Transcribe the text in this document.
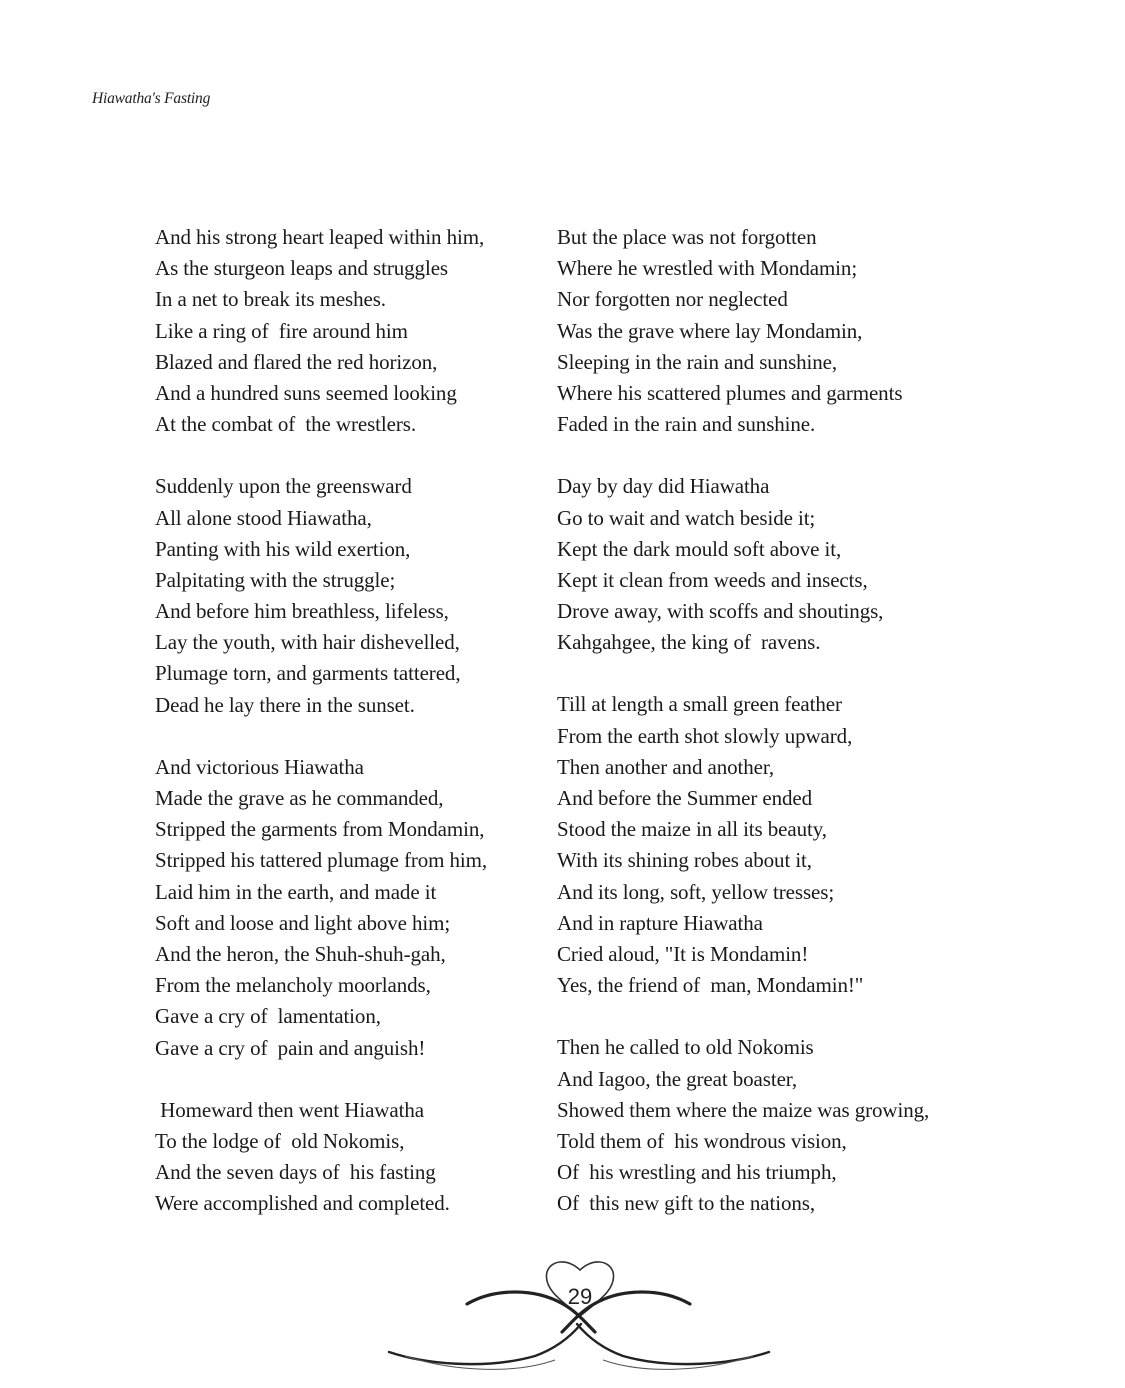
Hiawatha's Fasting
And his strong heart leaped within him,
As the sturgeon leaps and struggles
In a net to break its meshes.
Like a ring of  fire around him
Blazed and flared the red horizon,
And a hundred suns seemed looking
At the combat of  the wrestlers.
Suddenly upon the greensward
All alone stood Hiawatha,
Panting with his wild exertion,
Palpitating with the struggle;
And before him breathless, lifeless,
Lay the youth, with hair dishevelled,
Plumage torn, and garments tattered,
Dead he lay there in the sunset.
And victorious Hiawatha
Made the grave as he commanded,
Stripped the garments from Mondamin,
Stripped his tattered plumage from him,
Laid him in the earth, and made it
Soft and loose and light above him;
And the heron, the Shuh-shuh-gah,
From the melancholy moorlands,
Gave a cry of  lamentation,
Gave a cry of  pain and anguish!
Homeward then went Hiawatha
To the lodge of  old Nokomis,
And the seven days of  his fasting
Were accomplished and completed.
But the place was not forgotten
Where he wrestled with Mondamin;
Nor forgotten nor neglected
Was the grave where lay Mondamin,
Sleeping in the rain and sunshine,
Where his scattered plumes and garments
Faded in the rain and sunshine.
Day by day did Hiawatha
Go to wait and watch beside it;
Kept the dark mould soft above it,
Kept it clean from weeds and insects,
Drove away, with scoffs and shoutings,
Kahgahgee, the king of  ravens.
Till at length a small green feather
From the earth shot slowly upward,
Then another and another,
And before the Summer ended
Stood the maize in all its beauty,
With its shining robes about it,
And its long, soft, yellow tresses;
And in rapture Hiawatha
Cried aloud, "It is Mondamin!
Yes, the friend of  man, Mondamin!"
Then he called to old Nokomis
And Iagoo, the great boaster,
Showed them where the maize was growing,
Told them of  his wondrous vision,
Of  his wrestling and his triumph,
Of  this new gift to the nations,
29
